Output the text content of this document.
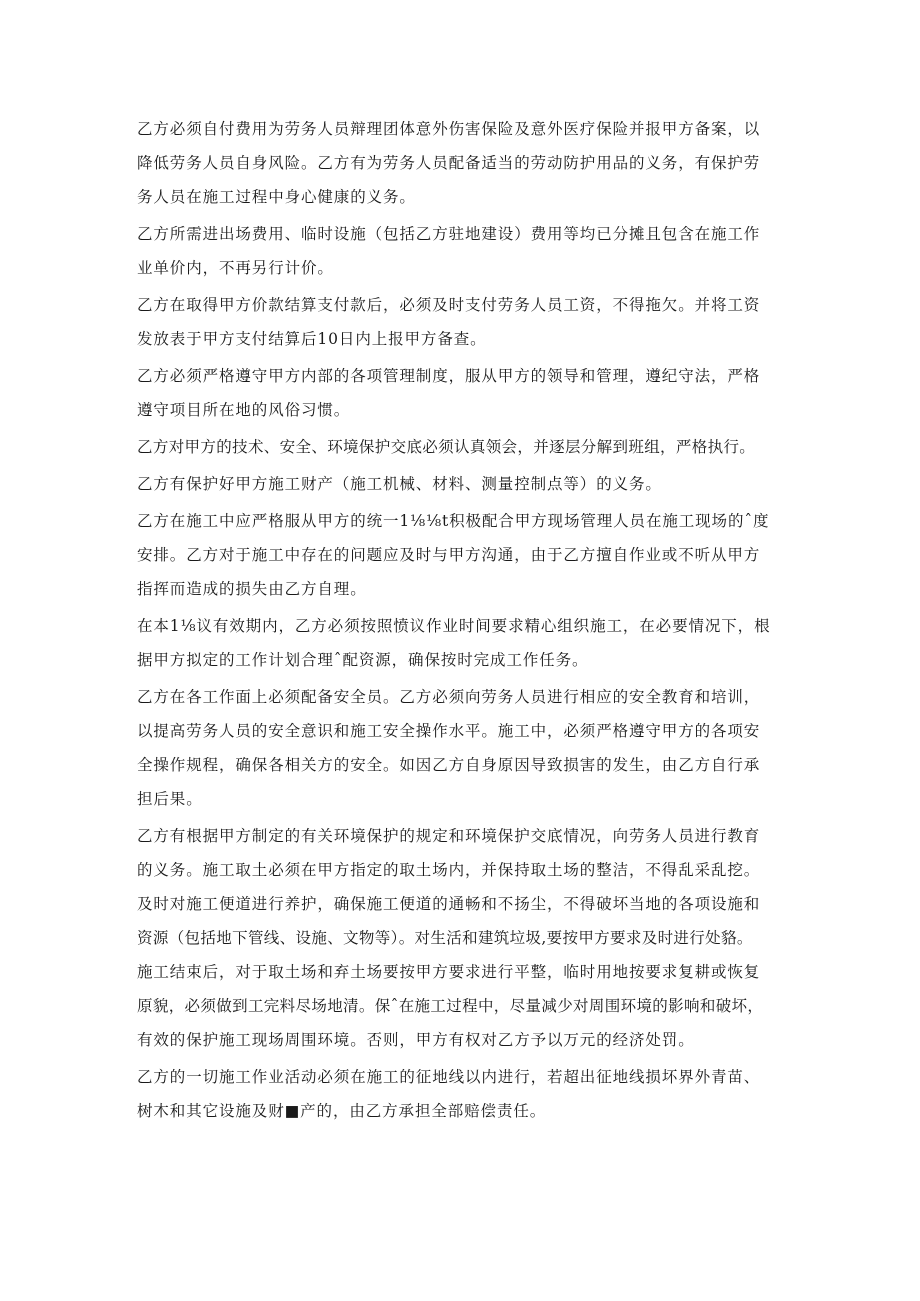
乙方必须自付费用为劳务人员辩理团体意外伤害保险及意外医疗保险并报甲方备案，以
降低劳务人员自身风险。乙方有为劳务人员配备适当的劳动防护用品的义务，有保护劳
务人员在施工过程中身心健康的义务。

乙方所需进出场费用、临时设施（包括乙方驻地建设）费用等均已分摊且包含在施工作
业单价内，不再另行计价。

乙方在取得甲方价款结算支付款后，必须及时支付劳务人员工资，不得拖欠。并将工资
发放表于甲方支付结算后10日内上报甲方备查。

乙方必须严格遵守甲方内部的各项管理制度，服从甲方的领导和管理，遵纪守法，严格
遵守项目所在地的风俗习惯。

乙方对甲方的技术、安全、环境保护交底必须认真领会，并逐层分解到班组，严格执行。

乙方有保护好甲方施工财产（施工机械、材料、测量控制点等）的义务。

乙方在施工中应严格服从甲方的统一1⅛⅛t积极配合甲方现场管理人员在施工现场的ˆ度
安排。乙方对于施工中存在的问题应及时与甲方沟通，由于乙方擅自作业或不听从甲方
指挥而造成的损失由乙方自理。

在本1⅛议有效期内，乙方必须按照愤议作业时间要求精心组织施工，在必要情况下，根
据甲方拟定的工作计划合理ˆ配资源，确保按时完成工作任务。

乙方在各工作面上必须配备安全员。乙方必须向劳务人员进行相应的安全教育和培训，
以提高劳务人员的安全意识和施工安全操作水平。施工中，必须严格遵守甲方的各项安
全操作规程，确保各相关方的安全。如因乙方自身原因导致损害的发生，由乙方自行承
担后果。

乙方有根据甲方制定的有关环境保护的规定和环境保护交底情况，向劳务人员进行教育
的义务。施工取土必须在甲方指定的取土场内，并保持取土场的整洁，不得乱采乱挖。
及时对施工便道进行养护，确保施工便道的通畅和不扬尘，不得破坏当地的各项设施和
资源（包括地下管线、设施、文物等）。对生活和建筑垃圾,要按甲方要求及时进行处貉。
施工结束后，对于取土场和弃土场要按甲方要求进行平整，临时用地按要求复耕或恢复
原貌，必须做到工完料尽场地清。保ˆ在施工过程中，尽量减少对周围环境的影响和破坏，
有效的保护施工现场周围环境。否则，甲方有权对乙方予以万元的经济处罚。

乙方的一切施工作业活动必须在施工的征地线以内进行，若超出征地线损坏界外青苗、
树木和其它设施及财■产的，由乙方承担全部赔偿责任。
